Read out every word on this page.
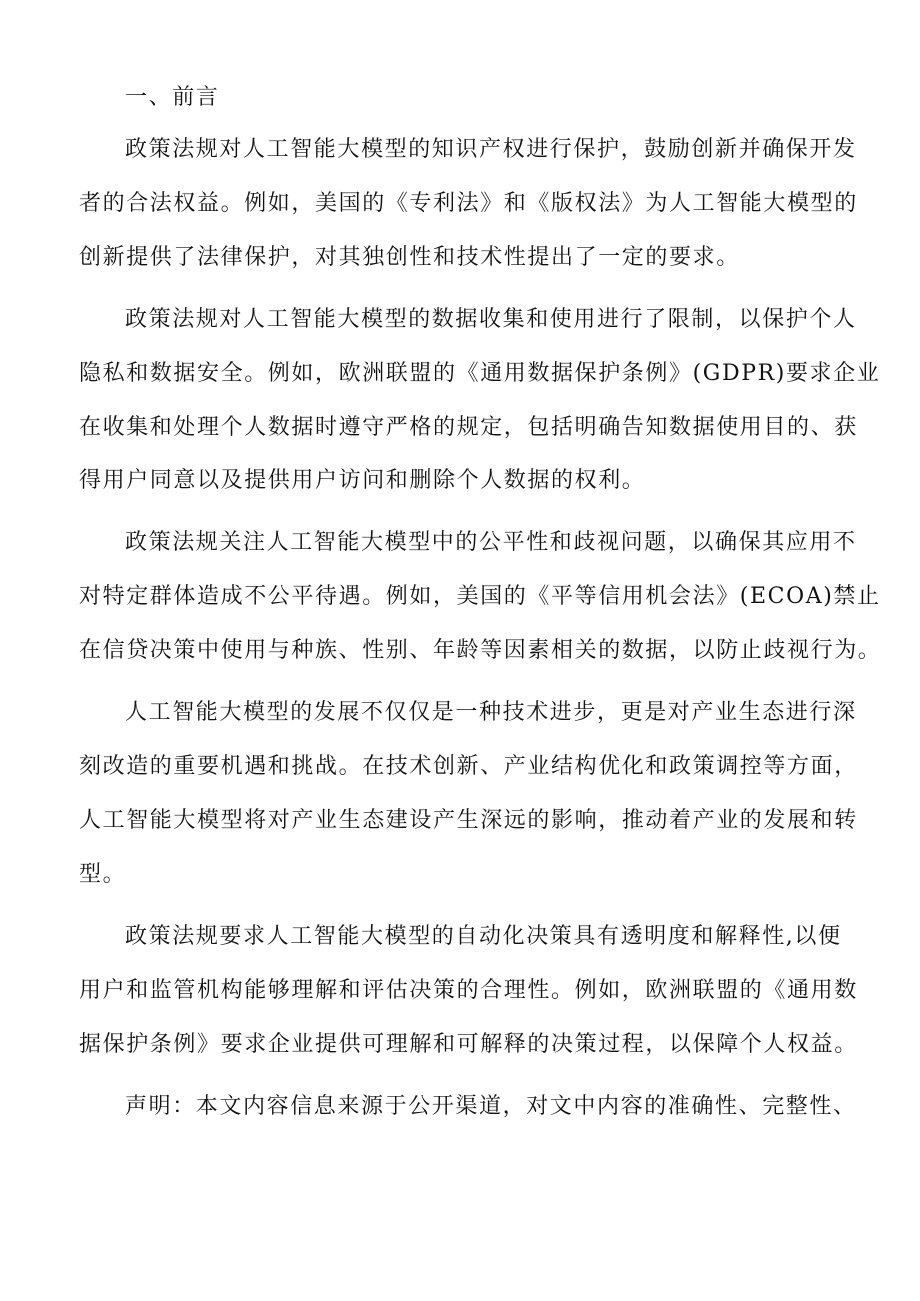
一、前言
政策法规对人工智能大模型的知识产权进行保护，鼓励创新并确保开发
者的合法权益。例如，美国的《专利法》和《版权法》为人工智能大模型的
创新提供了法律保护，对其独创性和技术性提出了一定的要求。
政策法规对人工智能大模型的数据收集和使用进行了限制，以保护个人
隐私和数据安全。例如，欧洲联盟的《通用数据保护条例》(GDPR)要求企业
在收集和处理个人数据时遵守严格的规定，包括明确告知数据使用目的、获
得用户同意以及提供用户访问和删除个人数据的权利。
政策法规关注人工智能大模型中的公平性和歧视问题，以确保其应用不
对特定群体造成不公平待遇。例如，美国的《平等信用机会法》(ECOA)禁止
在信贷决策中使用与种族、性别、年龄等因素相关的数据，以防止歧视行为。
人工智能大模型的发展不仅仅是一种技术进步，更是对产业生态进行深
刻改造的重要机遇和挑战。在技术创新、产业结构优化和政策调控等方面，
人工智能大模型将对产业生态建设产生深远的影响，推动着产业的发展和转
型。
政策法规要求人工智能大模型的自动化决策具有透明度和解释性,以便
用户和监管机构能够理解和评估决策的合理性。例如，欧洲联盟的《通用数
据保护条例》要求企业提供可理解和可解释的决策过程，以保障个人权益。
声明：本文内容信息来源于公开渠道，对文中内容的准确性、完整性、
